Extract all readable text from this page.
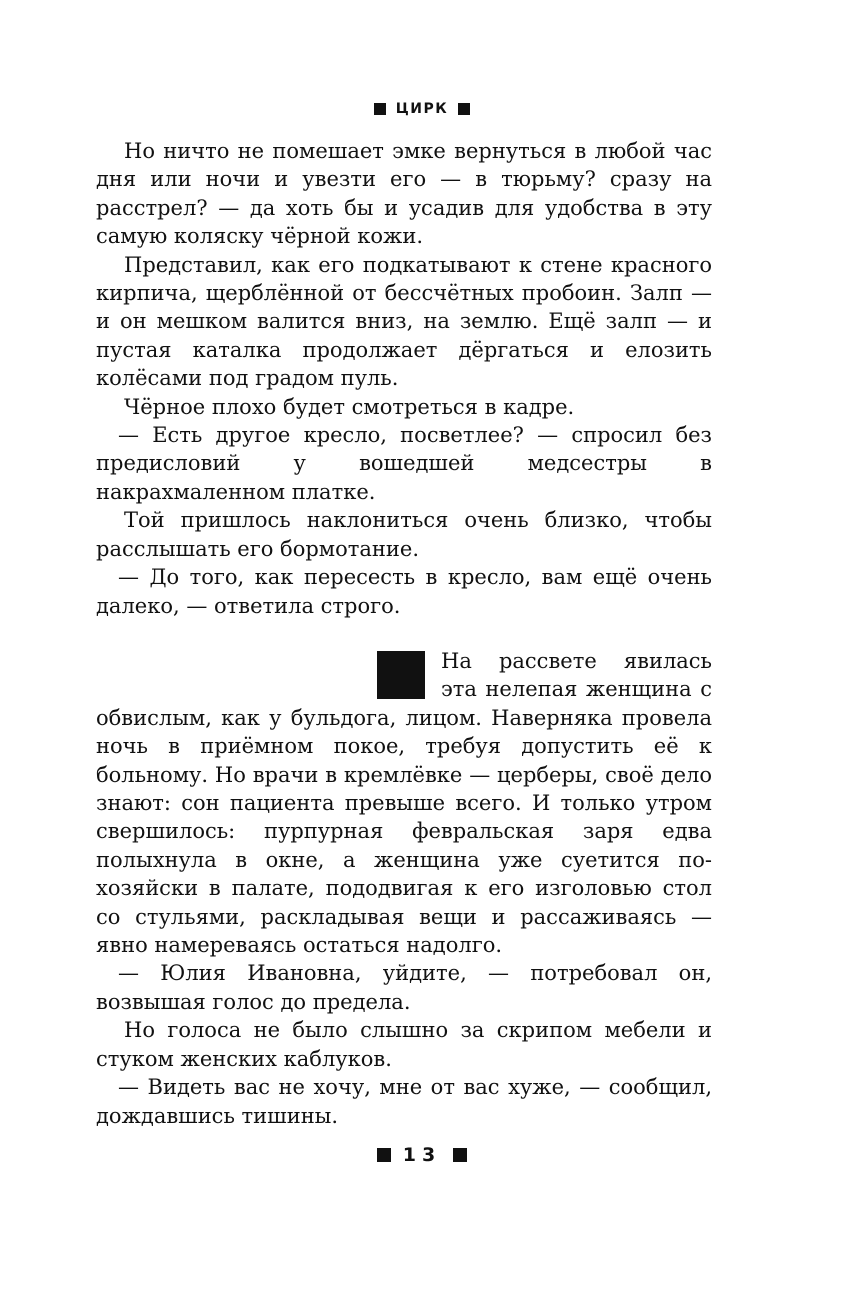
ЦИРК

Но ничто не помешает эмке вернуться в любой час дня или ночи и увезти его — в тюрьму? сразу на расстрел? — да хоть бы и усадив для удобства в эту самую коляску чёрной кожи.

Представил, как его подкатывают к стене красного кирпича, щерблённой от бессчётных пробоин. Залп — и он мешком валится вниз, на землю. Ещё залп — и пустая каталка продолжает дёргаться и елозить колёсами под градом пуль.

Чёрное плохо будет смотреться в кадре.

— Есть другое кресло, посветлее? — спросил без предисловий у вошедшей медсестры в накрахмаленном платке.

Той пришлось наклониться очень близко, чтобы расслышать его бормотание.

— До того, как пересесть в кресло, вам ещё очень далеко, — ответила строго.

На рассвете явилась эта нелепая женщина с обвислым, как у бульдога, лицом. Наверняка провела ночь в приёмном покое, требуя допустить её к больному. Но врачи в кремлёвке — церберы, своё дело знают: сон пациента превыше всего. И только утром свершилось: пурпурная февральская заря едва полыхнула в окне, а женщина уже суетится по-хозяйски в палате, пододвигая к его изголовью стол со стульями, раскладывая вещи и рассаживаясь — явно намереваясь остаться надолго.

— Юлия Ивановна, уйдите, — потребовал он, возвышая голос до предела.

Но голоса не было слышно за скрипом мебели и стуком женских каблуков.

— Видеть вас не хочу, мне от вас хуже, — сообщил, дождавшись тишины.

13
